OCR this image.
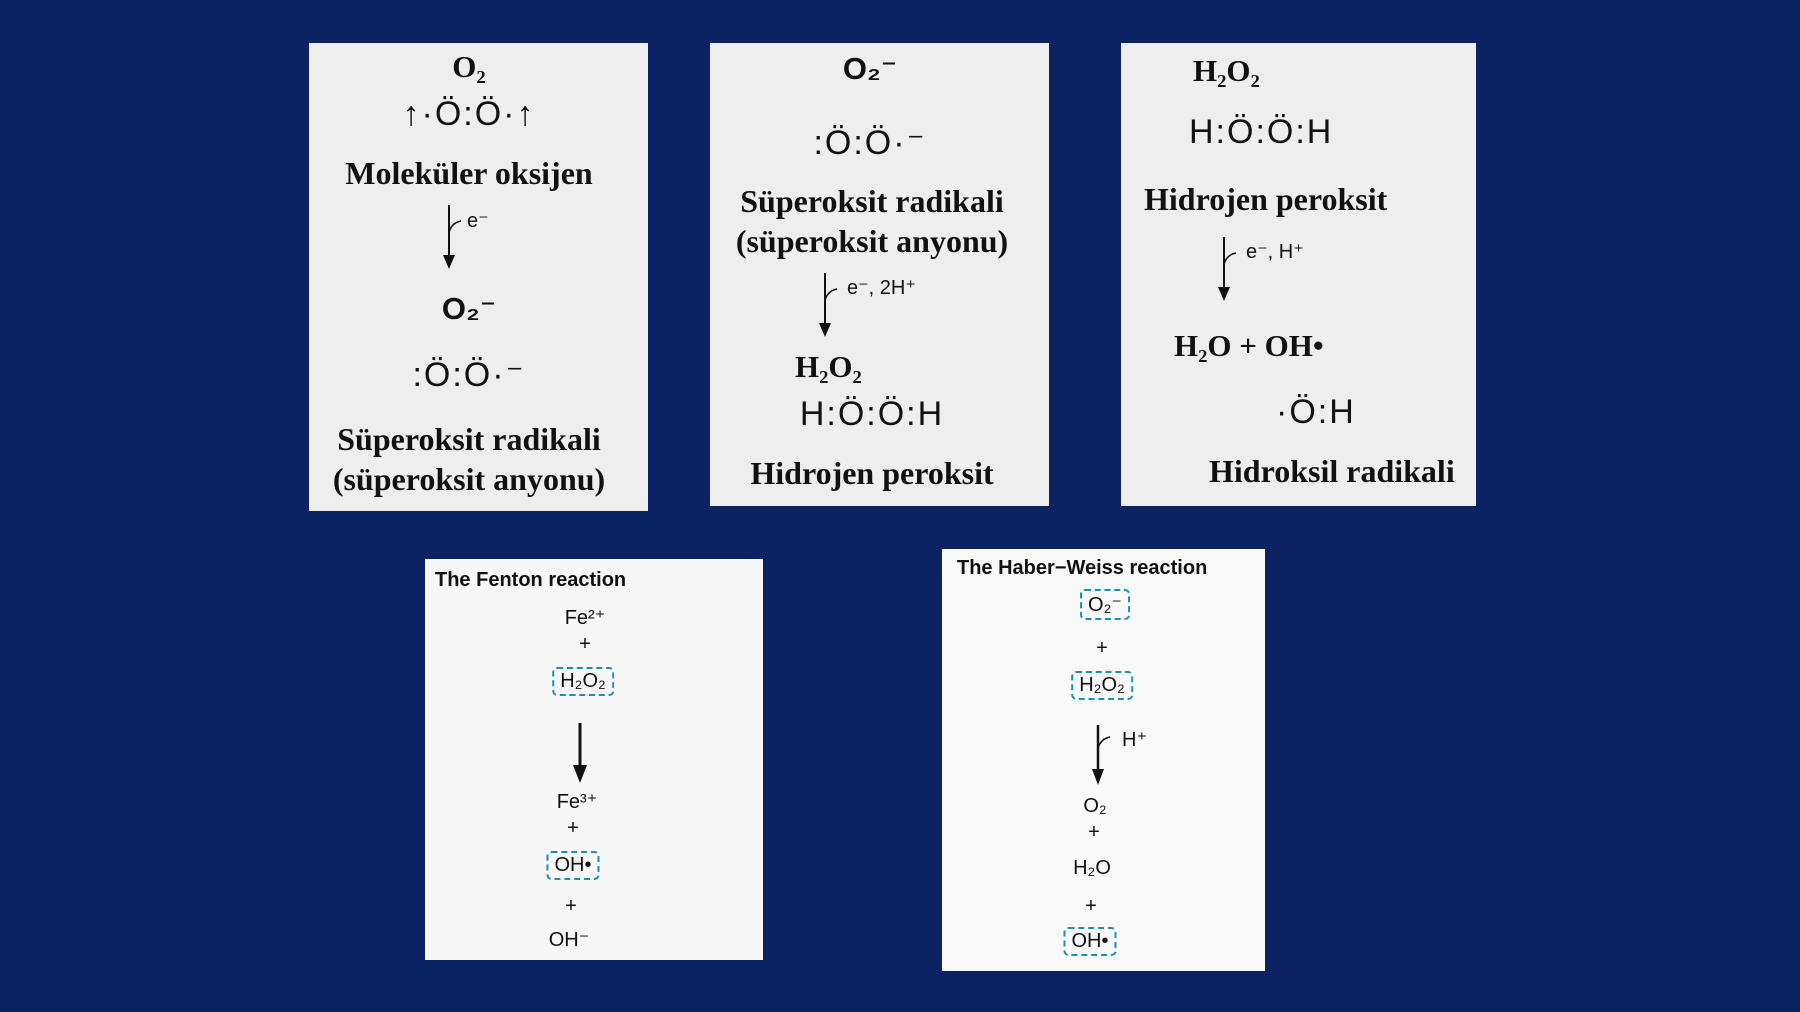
O₂
↑·Ö:Ö·↑
Moleküler oksijen
e⁻
O₂⁻
:Ö:Ö·⁻
Süperoksit radikali
(süperoksit anyonu)
O₂⁻
:Ö:Ö·⁻
Süperoksit radikali
(süperoksit anyonu)
e⁻, 2H⁺
H₂O₂
H:Ö:Ö:H
Hidrojen peroksit
H₂O₂
H:Ö:Ö:H
Hidrojen peroksit
e⁻, H⁺
H₂O + OH•
·Ö:H
Hidroksil radikali
The Fenton reaction
Fe²⁺
+
H₂O₂
Fe³⁺
+
OH•
+
OH⁻
The Haber−Weiss reaction
O₂⁻
+
H₂O₂
H⁺
O₂
+
H₂O
+
OH•
